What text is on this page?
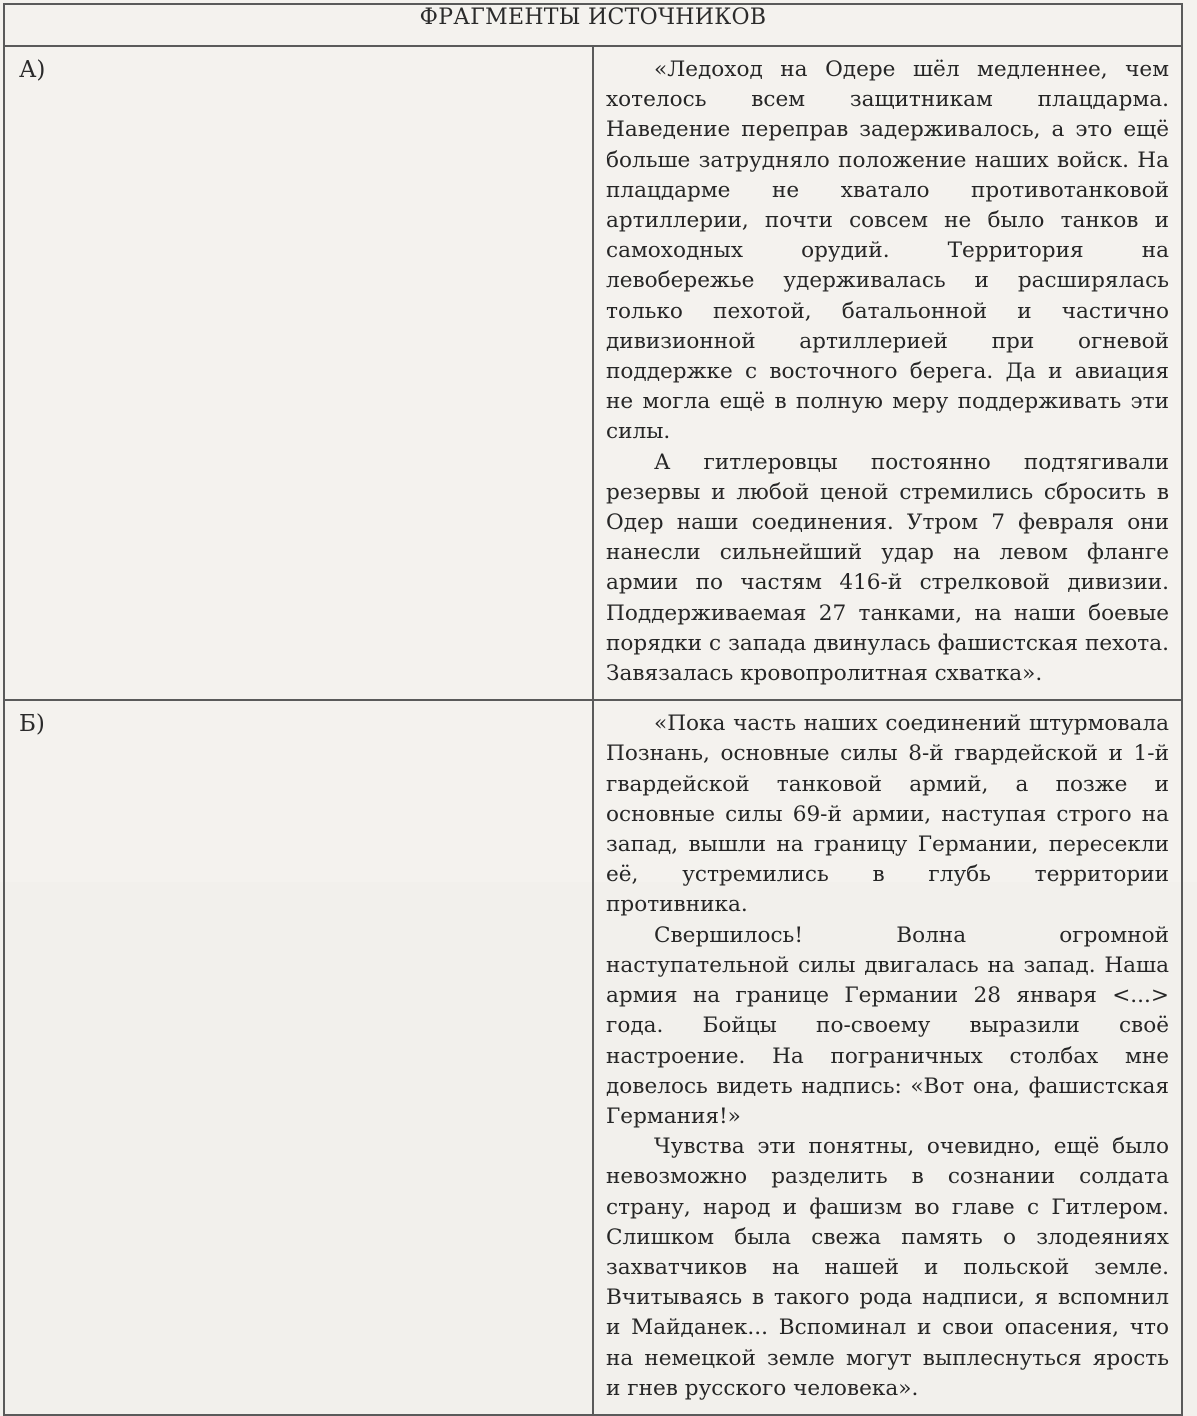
ФРАГМЕНТЫ ИСТОЧНИКОВ	
А)	«Ледоход на Одере шёл медленнее, чем хотелось всем защитникам плацдарма. Наведение переправ задерживалось, а это ещё больше затрудняло положение наших войск. На плацдарме не хватало противотанковой артиллерии, почти совсем не было танков и самоходных орудий. Территория на левобережье удерживалась и расширялась только пехотой, батальонной и частично дивизионной артиллерией при огневой поддержке с восточного берега. Да и авиация не могла ещё в полную меру поддерживать эти силы.

А гитлеровцы постоянно подтягивали резервы и любой ценой стремились сбросить в Одер наши соединения. Утром 7 февраля они нанесли сильнейший удар на левом фланге армии по частям 416-й стрелковой дивизии. Поддерживаемая 27 танками, на наши боевые порядки с запада двинулась фашистская пехота. Завязалась кровопролитная схватка».

Б)	«Пока часть наших соединений штурмовала Познань, основные силы 8-й гвардейской и 1-й гвардейской танковой армий, а позже и основные силы 69-й армии, наступая строго на запад, вышли на границу Германии, пересекли её, устремились в глубь территории противника.

Свершилось! Волна огромной наступательной силы двигалась на запад. Наша армия на границе Германии 28 января <...> года. Бойцы по-своему выразили своё настроение. На пограничных столбах мне довелось видеть надпись: «Вот она, фашистская Германия!»

Чувства эти понятны, очевидно, ещё было невозможно разделить в сознании солдата страну, народ и фашизм во главе с Гитлером. Слишком была свежа память о злодеяниях захватчиков на нашей и польской земле. Вчитываясь в такого рода надписи, я вспомнил и Майданек... Вспоминал и свои опасения, что на немецкой земле могут выплеснуться ярость и гнев русского человека».
